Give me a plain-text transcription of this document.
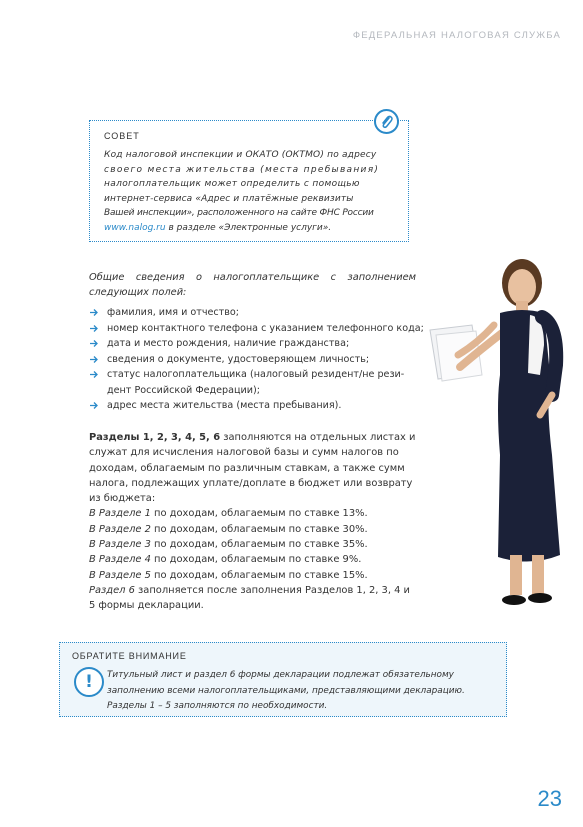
ФЕДЕРАЛЬНАЯ НАЛОГОВАЯ СЛУЖБА
СОВЕТ
Код налоговой инспекции и ОКАТО (ОКТМО) по адресу
своего места жительства (места пребывания)
налогоплательщик может определить с помощью
интернет-сервиса «Адрес и платёжные реквизиты
Вашей инспекции», расположенного на сайте ФНС России
www.nalog.ru в разделе «Электронные услуги».
Общие сведения о налогоплательщике с заполнением следующих полей:
фамилия, имя и отчество;
номер контактного телефона с указанием телефонного кода;
дата и место рождения, наличие гражданства;
сведения о документе, удостоверяющем личность;
статус налогоплательщика (налоговый резидент/не рези-
дент Российской Федерации);
адрес места жительства (места пребывания).
Разделы 1, 2, 3, 4, 5, 6 заполняются на отдельных листах и служат для исчисления налоговой базы и сумм налогов по доходам, облагаемым по различным ставкам, а также сумм налога, подлежащих уплате/доплате в бюджет или возврату из бюджета:
В Разделе 1 по доходам, облагаемым по ставке 13%.
В Разделе 2 по доходам, облагаемым по ставке 30%.
В Разделе 3 по доходам, облагаемым по ставке 35%.
В Разделе 4 по доходам, облагаемым по ставке 9%.
В Разделе 5 по доходам, облагаемым по ставке 15%.
Раздел 6 заполняется после заполнения Разделов 1, 2, 3, 4 и 5 формы декларации.
ОБРАТИТЕ ВНИМАНИЕ
!	Титульный лист и раздел 6 формы декларации подлежат обязательному
заполнению всеми налогоплательщиками, представляющими декларацию.
Разделы 1 – 5 заполняются по необходимости.
23
